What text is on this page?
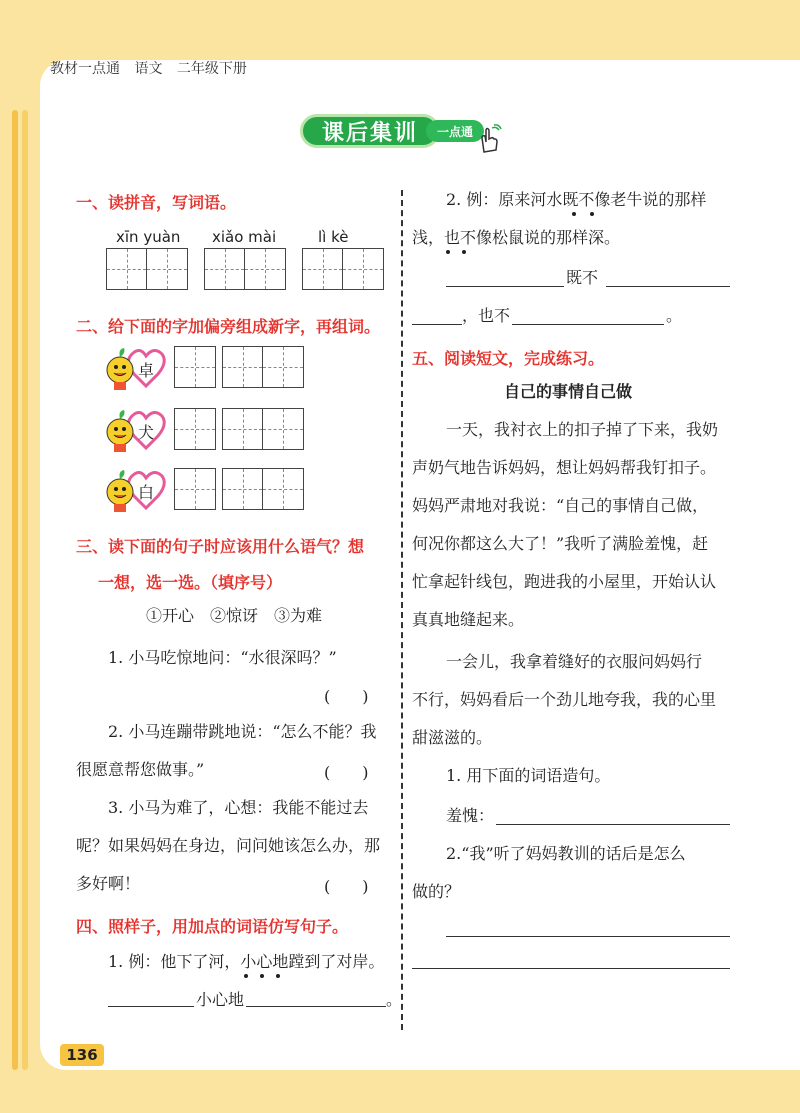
教材一点通 语文 二年级下册
课后集训	一点通
一、读拼音，写词语。
xīn yuàn xiǎo mài	lì kè
二、给下面的字加偏旁组成新字，再组词。
卓
犬
白
三、读下面的句子时应该用什么语气？想
一想，选一选。（填序号）
①开心　②惊讶　③为难
1. 小马吃惊地问：“水很深吗？”
(　　)
2. 小马连蹦带跳地说：“怎么不能？我
很愿意帮您做事。”	(　　)
3. 小马为难了，心想：我能不能过去
呢？如果妈妈在身边，问问她该怎么办，那
多好啊！	(　　)
四、照样子，用加点的词语仿写句子。
1. 例：他下了河，小心地蹚到了对岸。
小心地	。
2. 例：原来河水既不像老牛说的那样
浅，也不像松鼠说的那样深。
既不
，也不	。
五、阅读短文，完成练习。
自己的事情自己做
一天，我衬衣上的扣子掉了下来，我奶
声奶气地告诉妈妈，想让妈妈帮我钉扣子。
妈妈严肃地对我说：“自己的事情自己做，
何况你都这么大了！”我听了满脸羞愧，赶
忙拿起针线包，跑进我的小屋里，开始认认
真真地缝起来。
一会儿，我拿着缝好的衣服问妈妈行
不行，妈妈看后一个劲儿地夸我，我的心里
甜滋滋的。
1. 用下面的词语造句。
羞愧：
2.“我”听了妈妈教训的话后是怎么
做的？
136
